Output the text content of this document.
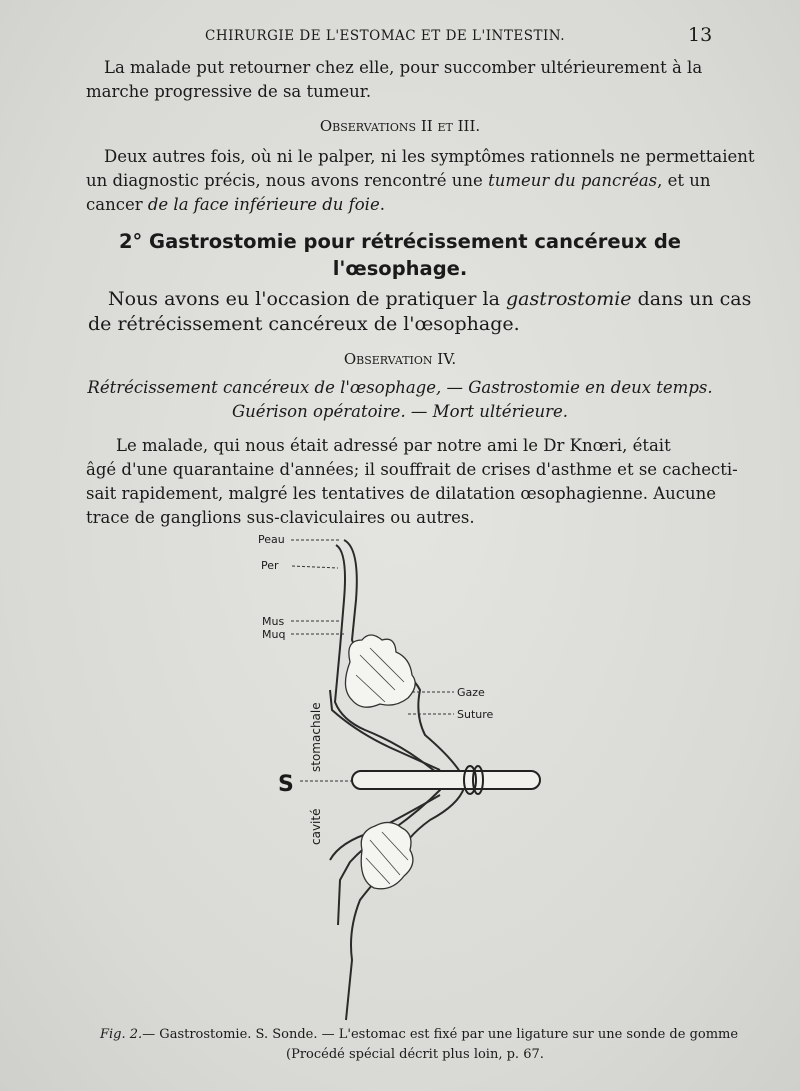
CHIRURGIE DE L'ESTOMAC ET DE L'INTESTIN.	13
La malade put retourner chez elle, pour succomber ultérieurement à la
marche progressive de sa tumeur.
Observations II et III.
Deux autres fois, où ni le palper, ni les symptômes rationnels ne permettaient
un diagnostic précis, nous avons rencontré une tumeur du pancréas, et un
cancer de la face inférieure du foie.
2° Gastrostomie pour rétrécissement cancéreux de
l'œsophage.
Nous avons eu l'occasion de pratiquer la gastrostomie dans un cas
de rétrécissement cancéreux de l'œsophage.
Observation IV.
Rétrécissement cancéreux de l'œsophage, — Gastrostomie en deux temps.
Guérison opératoire. — Mort ultérieure.
Le malade, qui nous était adressé par notre ami le Dr Knœri, était
âgé d'une quarantaine d'années; il souffrait de crises d'asthme et se cachecti-
sait rapidement, malgré les tentatives de dilatation œsophagienne. Aucune
trace de ganglions sus-claviculaires ou autres.
Peau
Per
Mus
Muq
Gaze
Suture
S
cavité
stomachale
Fig. 2.— Gastrostomie. S. Sonde. — L'estomac est fixé par une ligature sur une sonde de gomme
(Procédé spécial décrit plus loin, p. 67.
